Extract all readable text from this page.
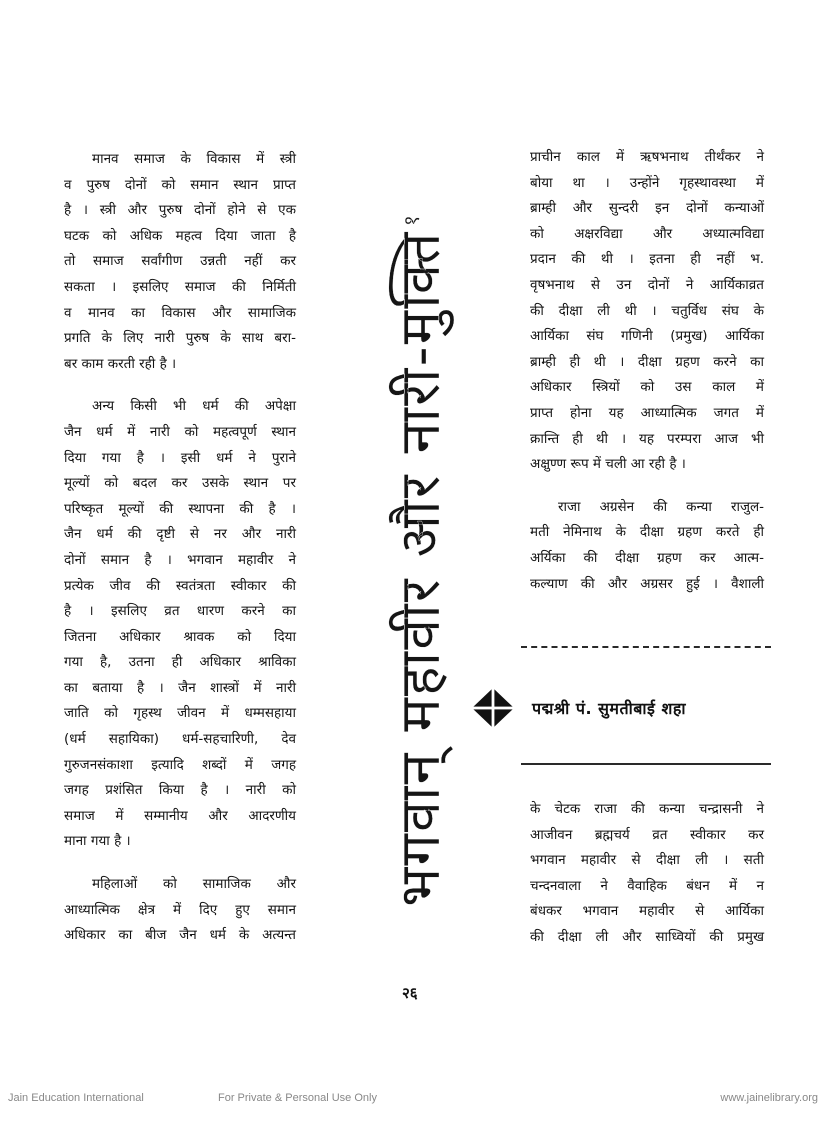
मानव समाज के विकास में स्त्री
व पुरुष दोनों को समान स्थान प्राप्त
है । स्त्री और पुरुष दोनों होने से एक
घटक को अधिक महत्व दिया जाता है
तो समाज सर्वांगीण उन्नती नहीं कर
सकता । इसलिए समाज की निर्मिती
व मानव का विकास और सामाजिक
प्रगति के लिए नारी पुरुष के साथ बरा-
बर काम करती रही है ।
अन्य किसी भी धर्म की अपेक्षा
जैन धर्म में नारी को महत्वपूर्ण स्थान
दिया गया है । इसी धर्म ने पुराने
मूल्यों को बदल कर उसके स्थान पर
परिष्कृत मूल्यों की स्थापना की है ।
जैन धर्म की दृष्टी से नर और नारी
दोनों समान है । भगवान महावीर ने
प्रत्येक जीव की स्वतंत्रता स्वीकार की
है । इसलिए व्रत धारण करने का
जितना अधिकार श्रावक को दिया
गया है, उतना ही अधिकार श्राविका
का बताया है । जैन शास्त्रों में नारी
जाति को गृहस्थ जीवन में धम्मसहाया
(धर्म सहायिका) धर्म-सहचारिणी, देव
गुरुजनसंकाशा इत्यादि शब्दों में जगह
जगह प्रशंसित किया है । नारी को
समाज में सम्मानीय और आदरणीय
माना गया है ।
महिलाओं को सामाजिक और
आध्यात्मिक क्षेत्र में दिए हुए समान
अधिकार का बीज जैन धर्म के अत्यन्त
भगवान् महावीर और नारी-मुक्ति$^१$
प्राचीन काल में ऋषभनाथ तीर्थंकर ने
बोया था । उन्होंने गृहस्थावस्था में
ब्राम्ही और सुन्दरी इन दोनों कन्याओं
को अक्षरविद्या और अध्यात्मविद्या
प्रदान की थी । इतना ही नहीं भ.
वृषभनाथ से उन दोनों ने आर्यिकाव्रत
की दीक्षा ली थी । चतुर्विध संघ के
आर्यिका संघ गणिनी (प्रमुख) आर्यिका
ब्राम्ही ही थी । दीक्षा ग्रहण करने का
अधिकार स्त्रियों को उस काल में
प्राप्त होना यह आध्यात्मिक जगत में
क्रान्ति ही थी । यह परम्परा आज भी
अक्षुण्ण रूप में चली आ रही है ।
राजा अग्रसेन की कन्या राजुल-
मती नेमिनाथ के दीक्षा ग्रहण करते ही
अर्यिका की दीक्षा ग्रहण कर आत्म-
कल्याण की और अग्रसर हुई । वैशाली
पद्मश्री पं. सुमतीबाई शहा
के चेटक राजा की कन्या चन्द्रासनी ने
आजीवन ब्रह्मचर्य व्रत स्वीकार कर
भगवान महावीर से दीक्षा ली । सती
चन्दनवाला ने वैवाहिक बंधन में न
बंधकर भगवान महावीर से आर्यिका
की दीक्षा ली और साध्वियों की प्रमुख
२६
Jain Education International	For Private & Personal Use Only	www.jainelibrary.org
